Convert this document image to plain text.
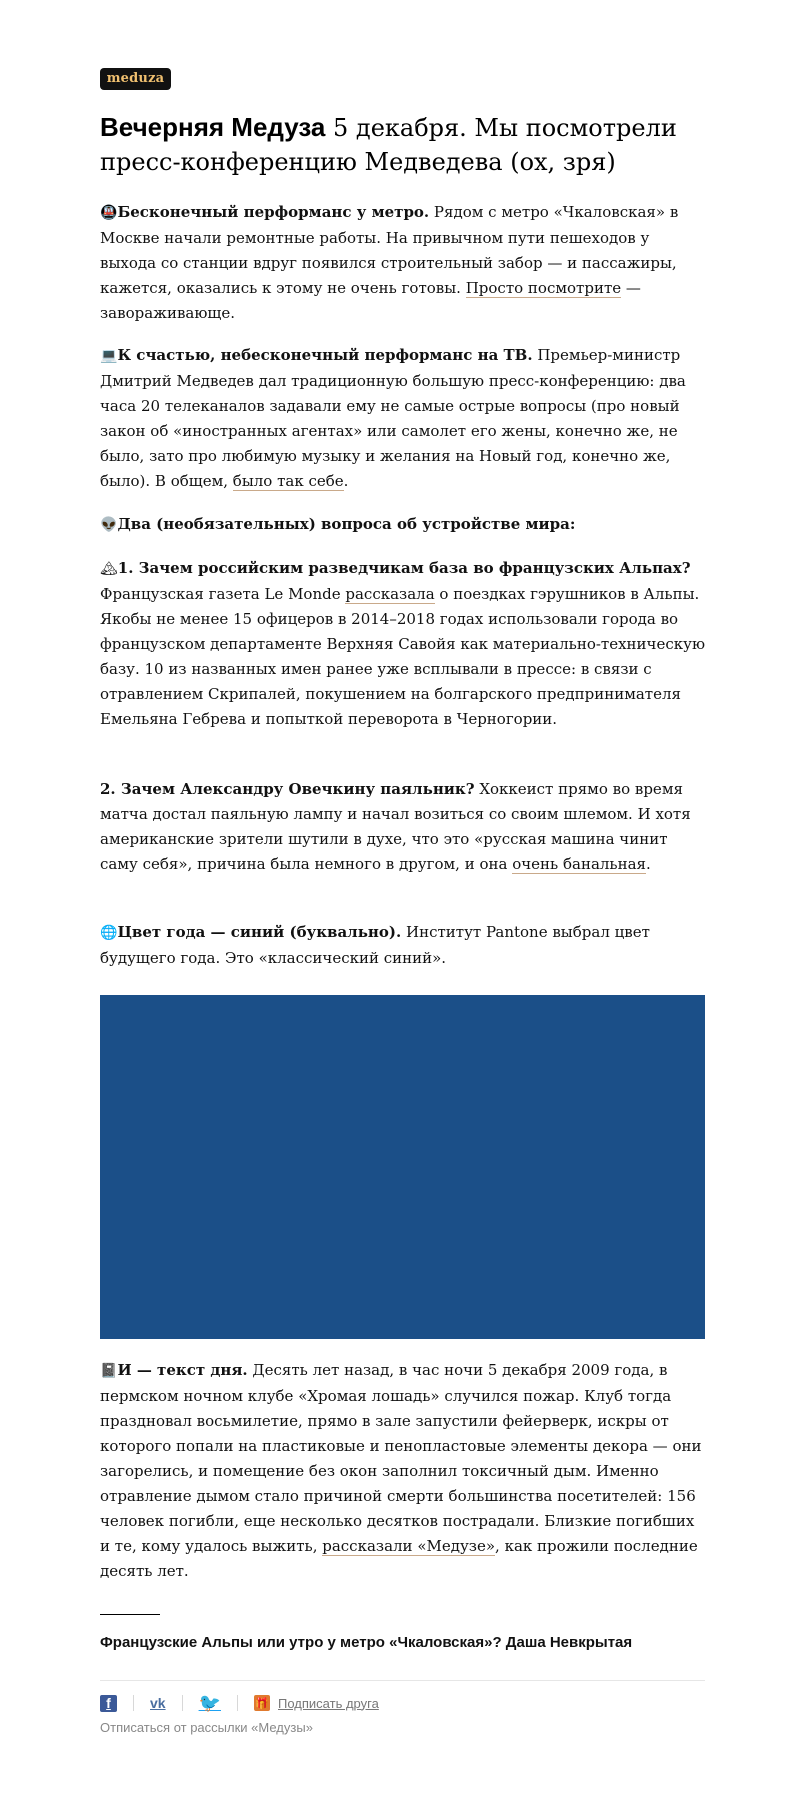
meduza
Вечерняя Медуза 5 декабря. Мы посмотрели пресс-конференцию Медведева (ох, зря)

🚇Бесконечный перформанс у метро. Рядом с метро «Чкаловская» в Москве начали ремонтные работы. На привычном пути пешеходов у выхода со станции вдруг появился строительный забор — и пассажиры, кажется, оказались к этому не очень готовы. Просто посмотрите — завораживающе.

💻К счастью, небесконечный перформанс на ТВ. Премьер-министр Дмитрий Медведев дал традиционную большую пресс-конференцию: два часа 20 телеканалов задавали ему не самые острые вопросы (про новый закон об «иностранных агентах» или самолет его жены, конечно же, не было, зато про любимую музыку и желания на Новый год, конечно же, было). В общем, было так себе.

👽Два (необязательных) вопроса об устройстве мира:

🏔1. Зачем российским разведчикам база во французских Альпах? Французская газета Le Monde рассказала о поездках гэрушников в Альпы. Якобы не менее 15 офицеров в 2014–2018 годах использовали города во французском департаменте Верхняя Савойя как материально-техническую базу. 10 из названных имен ранее уже всплывали в прессе: в связи с отравлением Скрипалей, покушением на болгарского предпринимателя Емельяна Гебрева и попыткой переворота в Черногории.

2. Зачем Александру Овечкину паяльник? Хоккеист прямо во время матча достал паяльную лампу и начал возиться со своим шлемом. И хотя американские зрители шутили в духе, что это «русская машина чинит саму себя», причина была немного в другом, и она очень банальная.

🌐Цвет года — синий (буквально). Институт Pantone выбрал цвет будущего года. Это «классический синий».

📓И — текст дня. Десять лет назад, в час ночи 5 декабря 2009 года, в пермском ночном клубе «Хромая лошадь» случился пожар. Клуб тогда праздновал восьмилетие, прямо в зале запустили фейерверк, искры от которого попали на пластиковые и пенопластовые элементы декора — они загорелись, и помещение без окон заполнил токсичный дым. Именно отравление дымом стало причиной смерти большинства посетителей: 156 человек погибли, еще несколько десятков пострадали. Близкие погибших и те, кому удалось выжить, рассказали «Медузе», как прожили последние десять лет.

Французские Альпы или утро у метро «Чкаловская»? Даша Невкрытая

f	vk 🐦	🎁 Подписать друга
Отписаться от рассылки «Медузы»
